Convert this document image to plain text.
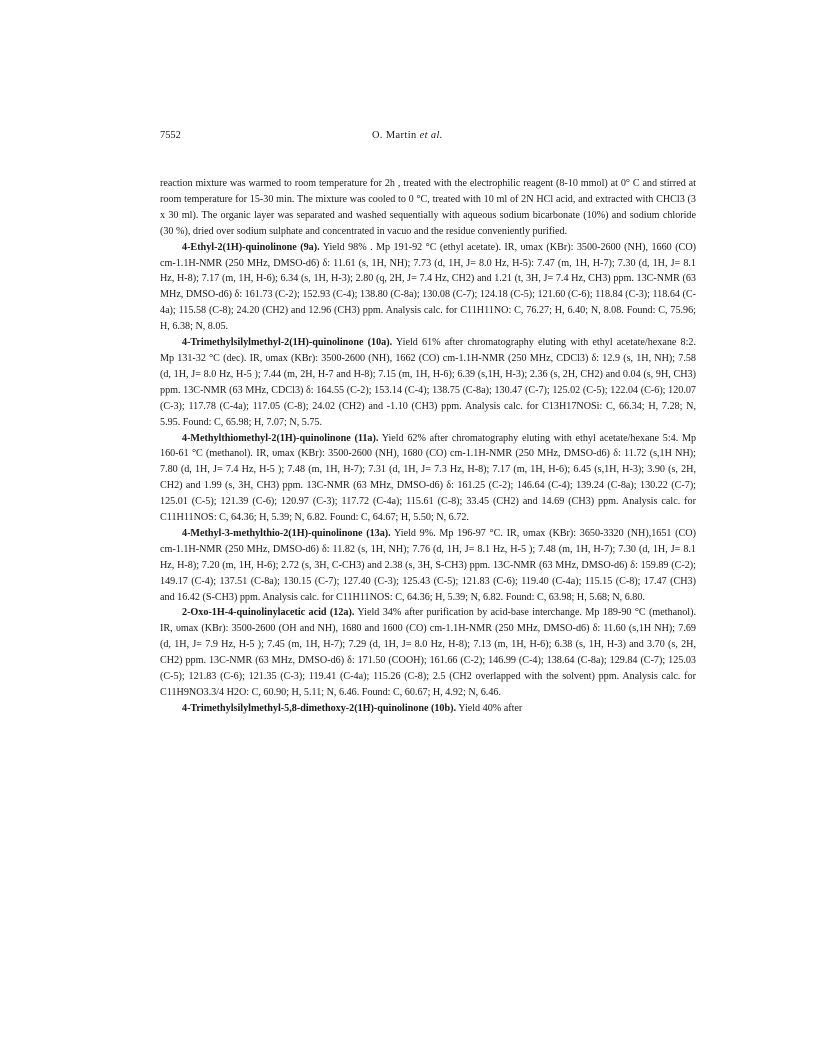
7552	O. Martin et al.

reaction mixture was warmed to room temperature for 2h , treated with the electrophilic reagent (8-10 mmol) at 0° C and stirred at room temperature for 15-30 min. The mixture was cooled to 0 °C, treated with 10 ml of 2N HCl acid, and extracted with CHCl3 (3 x 30 ml). The organic layer was separated and washed sequentially with aqueous sodium bicarbonate (10%) and sodium chloride (30 %), dried over sodium sulphate and concentrated in vacuo and the residue conveniently purified.

4-Ethyl-2(1H)-quinolinone (9a). Yield 98% . Mp 191-92 °C (ethyl acetate). IR, υmax (KBr): 3500-2600 (NH), 1660 (CO) cm-1.1H-NMR (250 MHz, DMSO-d6) δ: 11.61 (s, 1H, NH); 7.73 (d, 1H, J= 8.0 Hz, H-5): 7.47 (m, 1H, H-7); 7.30 (d, 1H, J= 8.1 Hz, H-8); 7.17 (m, 1H, H-6); 6.34 (s, 1H, H-3); 2.80 (q, 2H, J= 7.4 Hz, CH2) and 1.21 (t, 3H, J= 7.4 Hz, CH3) ppm. 13C-NMR (63 MHz, DMSO-d6) δ: 161.73 (C-2); 152.93 (C-4); 138.80 (C-8a); 130.08 (C-7); 124.18 (C-5); 121.60 (C-6); 118.84 (C-3); 118.64 (C-4a); 115.58 (C-8); 24.20 (CH2) and 12.96 (CH3) ppm. Analysis calc. for C11H11NO: C, 76.27; H, 6.40; N, 8.08. Found: C, 75.96; H, 6.38; N, 8.05.

4-Trimethylsilylmethyl-2(1H)-quinolinone (10a). Yield 61% after chromatography eluting with ethyl acetate/hexane 8:2. Mp 131-32 °C (dec). IR, υmax (KBr): 3500-2600 (NH), 1662 (CO) cm-1.1H-NMR (250 MHz, CDCl3) δ: 12.9 (s, 1H, NH); 7.58 (d, 1H, J= 8.0 Hz, H-5 ); 7.44 (m, 2H, H-7 and H-8); 7.15 (m, 1H, H-6); 6.39 (s,1H, H-3); 2.36 (s, 2H, CH2) and 0.04 (s, 9H, CH3) ppm. 13C-NMR (63 MHz, CDCl3) δ: 164.55 (C-2); 153.14 (C-4); 138.75 (C-8a); 130.47 (C-7); 125.02 (C-5); 122.04 (C-6); 120.07 (C-3); 117.78 (C-4a); 117.05 (C-8); 24.02 (CH2) and -1.10 (CH3) ppm. Analysis calc. for C13H17NOSi: C, 66.34; H, 7.28; N, 5.95. Found: C, 65.98; H, 7.07; N, 5.75.

4-Methylthiomethyl-2(1H)-quinolinone (11a). Yield 62% after chromatography eluting with ethyl acetate/hexane 5:4. Mp 160-61 °C (methanol). IR, υmax (KBr): 3500-2600 (NH), 1680 (CO) cm-1.1H-NMR (250 MHz, DMSO-d6) δ: 11.72 (s,1H NH); 7.80 (d, 1H, J= 7.4 Hz, H-5 ); 7.48 (m, 1H, H-7); 7.31 (d, 1H, J= 7.3 Hz, H-8); 7.17 (m, 1H, H-6); 6.45 (s,1H, H-3); 3.90 (s, 2H, CH2) and 1.99 (s, 3H, CH3) ppm. 13C-NMR (63 MHz, DMSO-d6) δ: 161.25 (C-2); 146.64 (C-4); 139.24 (C-8a); 130.22 (C-7); 125.01 (C-5); 121.39 (C-6); 120.97 (C-3); 117.72 (C-4a); 115.61 (C-8); 33.45 (CH2) and 14.69 (CH3) ppm. Analysis calc. for C11H11NOS: C, 64.36; H, 5.39; N, 6.82. Found: C, 64.67; H, 5.50; N, 6.72.

4-Methyl-3-methylthio-2(1H)-quinolinone (13a). Yield 9%. Mp 196-97 °C. IR, υmax (KBr): 3650-3320 (NH),1651 (CO) cm-1.1H-NMR (250 MHz, DMSO-d6) δ: 11.82 (s, 1H, NH); 7.76 (d, 1H, J= 8.1 Hz, H-5 ); 7.48 (m, 1H, H-7); 7.30 (d, 1H, J= 8.1 Hz, H-8); 7.20 (m, 1H, H-6); 2.72 (s, 3H, C-CH3) and 2.38 (s, 3H, S-CH3) ppm. 13C-NMR (63 MHz, DMSO-d6) δ: 159.89 (C-2); 149.17 (C-4); 137.51 (C-8a); 130.15 (C-7); 127.40 (C-3); 125.43 (C-5); 121.83 (C-6); 119.40 (C-4a); 115.15 (C-8); 17.47 (CH3) and 16.42 (S-CH3) ppm. Analysis calc. for C11H11NOS: C, 64.36; H, 5.39; N, 6.82. Found: C, 63.98; H, 5.68; N, 6.80.

2-Oxo-1H-4-quinolinylacetic acid (12a). Yield 34% after purification by acid-base interchange. Mp 189-90 °C (methanol). IR, υmax (KBr): 3500-2600 (OH and NH), 1680 and 1600 (CO) cm-1.1H-NMR (250 MHz, DMSO-d6) δ: 11.60 (s,1H NH); 7.69 (d, 1H, J= 7.9 Hz, H-5 ); 7.45 (m, 1H, H-7); 7.29 (d, 1H, J= 8.0 Hz, H-8); 7.13 (m, 1H, H-6); 6.38 (s, 1H, H-3) and 3.70 (s, 2H, CH2) ppm. 13C-NMR (63 MHz, DMSO-d6) δ: 171.50 (COOH); 161.66 (C-2); 146.99 (C-4); 138.64 (C-8a); 129.84 (C-7); 125.03 (C-5); 121.83 (C-6); 121.35 (C-3); 119.41 (C-4a); 115.26 (C-8); 2.5 (CH2 overlapped with the solvent) ppm. Analysis calc. for C11H9NO3.3/4 H2O: C, 60.90; H, 5.11; N, 6.46. Found: C, 60.67; H, 4.92; N, 6.46.

4-Trimethylsilylmethyl-5,8-dimethoxy-2(1H)-quinolinone (10b). Yield 40% after
